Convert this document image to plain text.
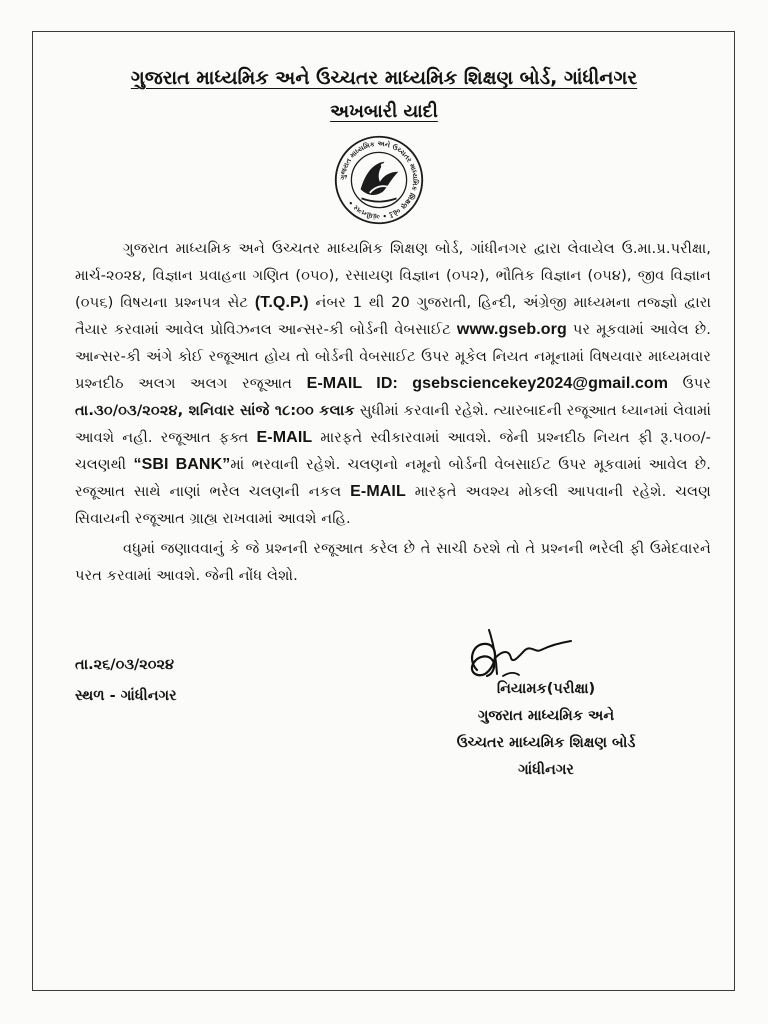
ગુજરાત માધ્યમિક અને ઉચ્ચતર માધ્યમિક શિક્ષણ બોર્ડ, ગાંધીનગર
અખબારી યાદી
ગુજરાત માધ્યમિક અને ઉચ્ચતર માધ્યમિક શિક્ષણ બોર્ડ • ગાંધીનગર •

ગુજરાત માધ્યમિક અને ઉચ્ચતર માધ્યમિક શિક્ષણ બોર્ડ, ગાંધીનગર દ્વારા લેવાયેલ ઉ.મા.પ્ર.પરીક્ષા, માર્ચ-૨૦૨૪, વિજ્ઞાન પ્રવાહના ગણિત (૦૫૦), રસાયણ વિજ્ઞાન (૦૫૨), ભૌતિક વિજ્ઞાન (૦૫૪), જીવ વિજ્ઞાન (૦૫૬) વિષયના પ્રશ્નપત્ર સેટ (T.Q.P.) નંબર 1 થી 20 ગુજરાતી, હિન્દી, અંગ્રેજી માધ્યમના તજ્જ્ઞો દ્વારા તૈયાર કરવામાં આવેલ પ્રોવિઝનલ આન્સર-કી બોર્ડની વેબસાઈટ www.gseb.org પર મૂકવામાં આવેલ છે. આન્સર-કી અંગે કોઈ રજૂઆત હોય તો બોર્ડની વેબસાઈટ ઉપર મૂકેલ નિયત નમૂનામાં વિષયવાર માધ્યમવાર પ્રશ્નદીઠ અલગ અલગ રજૂઆત E-MAIL ID: gsebsciencekey2024@gmail.com ઉપર તા.૩૦/૦૩/૨૦૨૪, શનિવાર સાંજે ૧૮:૦૦ કલાક સુધીમાં કરવાની રહેશે. ત્યારબાદની રજૂઆત ધ્યાનમાં લેવામાં આવશે નહી. રજૂઆત ફક્ત E-MAIL મારફતે સ્વીકારવામાં આવશે. જેની પ્રશ્નદીઠ નિયત ફી રૂ.૫૦૦/- ચલણથી “SBI BANK”માં ભરવાની રહેશે. ચલણનો નમૂનો બોર્ડની વેબસાઈટ ઉપર મૂકવામાં આવેલ છે. રજૂઆત સાથે નાણાં ભરેલ ચલણની નકલ E-MAIL મારફતે અવશ્ય મોકલી આપવાની રહેશે. ચલણ સિવાયની રજૂઆત ગ્રાહ્ય રાખવામાં આવશે નહિ.

વધુમાં જણાવવાનું કે જે પ્રશ્નની રજૂઆત કરેલ છે તે સાચી ઠરશે તો તે પ્રશ્નની ભરેલી ફી ઉમેદવારને પરત કરવામાં આવશે. જેની નોંધ લેશો.

તા.૨૬/૦૩/૨૦૨૪
સ્થળ - ગાંધીનગર	નિયામક(પરીક્ષા)
ગુજરાત માધ્યમિક અને
ઉચ્ચતર માધ્યમિક શિક્ષણ બોર્ડ
ગાંધીનગર
